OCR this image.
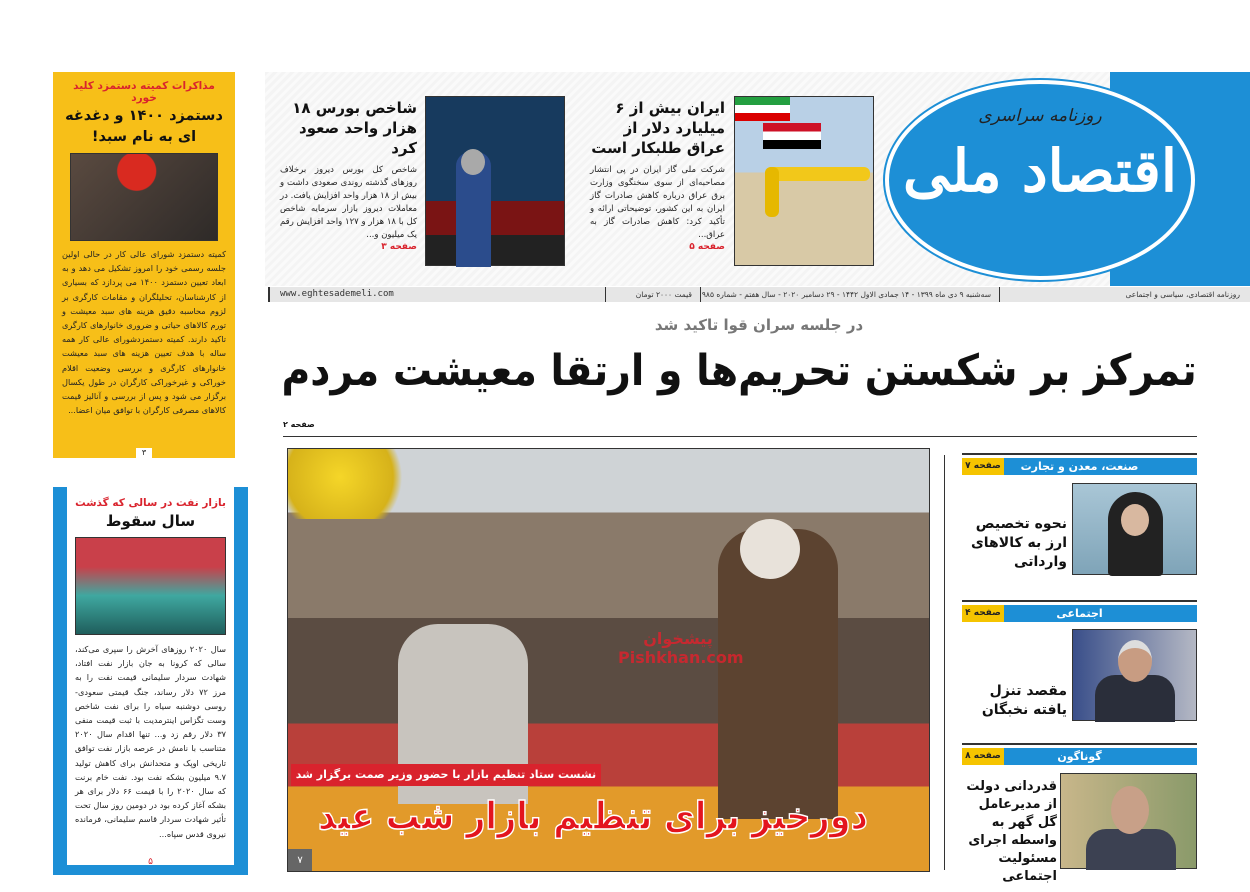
روزنامه سراسری
اقتصاد ملی
ایران بیش از ۶ میلیارد دلار از عراق طلبکار است
شرکت ملی گاز ایران در پی انتشار مصاحبه‌ای از سوی سخنگوی وزارت برق عراق درباره کاهش صادرات گاز ایران به این کشور، توضیحاتی ارائه و تأکید کرد: کاهش صادرات گاز به عراق...
صفحه ۵
شاخص بورس ۱۸ هزار واحد صعود کرد
شاخص کل بورس دیروز برخلاف روزهای گذشته روندی صعودی داشت و بیش از ۱۸ هزار واحد افزایش یافت. در معاملات دیروز بازار سرمایه شاخص کل با ۱۸ هزار و ۱۲۷ واحد افزایش رقم یک میلیون و...
صفحه ۳
روزنامه اقتصادی، سیاسی و اجتماعی
سه‌شنبه ۹ دی ماه ۱۳۹۹ - ۱۴ جمادی الاول ۱۴۴۲ - ۲۹ دسامبر ۲۰۲۰ - سال هفتم - شماره ۹۸۵
قیمت ۲۰۰۰ تومان
www.eghtesademeli.com
در جلسه سران قوا تاکید شد
تمرکز بر شکستن تحریم‌ها و ارتقا معیشت مردم
صفحه ۲
پیشخوان Pishkhan.com
نشست ستاد تنظیم بازار با حضور وزیر صمت برگزار شد
دورخیز برای تنظیم بازار شب عید
۷
صنعت، معدن و تجارت
صفحه ۷
نحوه تخصیص ارز به کالاهای وارداتی
اجتماعی
صفحه ۴
مقصد تنزل یافته نخبگان
گوناگون
صفحه ۸
قدردانی دولت از مدیرعامل گل گهر به واسطه اجرای مسئولیت اجتماعی
مذاکرات کمیته دستمزد کلید خورد
دستمزد ۱۴۰۰ و دغدغه ای به نام سبد!
کمیته دستمزد شورای عالی کار در حالی اولین جلسه رسمی خود را امروز تشکیل می دهد و به ابعاد تعیین دستمزد ۱۴۰۰ می پردازد که بسیاری از کارشناسان، تحلیلگران و مقامات کارگری بر لزوم محاسبه دقیق هزینه های سبد معیشت و تورم کالاهای حیاتی و ضروری خانوارهای کارگری تاکید دارند. کمیته دستمزدشورای عالی کار همه ساله با هدف تعیین هزینه های سبد معیشت خانوارهای کارگری و بررسی وضعیت اقلام خوراکی و غیرخوراکی کارگران در طول یکسال برگزار می شود و پس از بررسی و آنالیز قیمت کالاهای مصرفی کارگران با توافق میان اعضا...
۳
بازار نفت در سالی که گذشت
سال سقوط
سال ۲۰۲۰ روزهای آخرش را سپری می‌کند، سالی که کرونا به جان بازار نفت افتاد، شهادت سردار سلیمانی قیمت نفت را به مرز ۷۲ دلار رساند، جنگ قیمتی سعودی- روسی دوشنبه سیاه را برای نفت شاخص وست تگزاس اینترمدیت با ثبت قیمت منفی ۳۷ دلار رقم زد و... تنها اقدام سال ۲۰۲۰ متناسب با نامش در عرصه بازار نفت توافق تاریخی اوپک و متحدانش برای کاهش تولید ۹.۷ میلیون بشکه نفت بود. نفت خام برنت که سال ۲۰۲۰ را با قیمت ۶۶ دلار برای هر بشکه آغاز کرده بود در دومین روز سال تحت تأثیر شهادت سردار قاسم سلیمانی، فرمانده نیروی قدس سپاه...
۵
